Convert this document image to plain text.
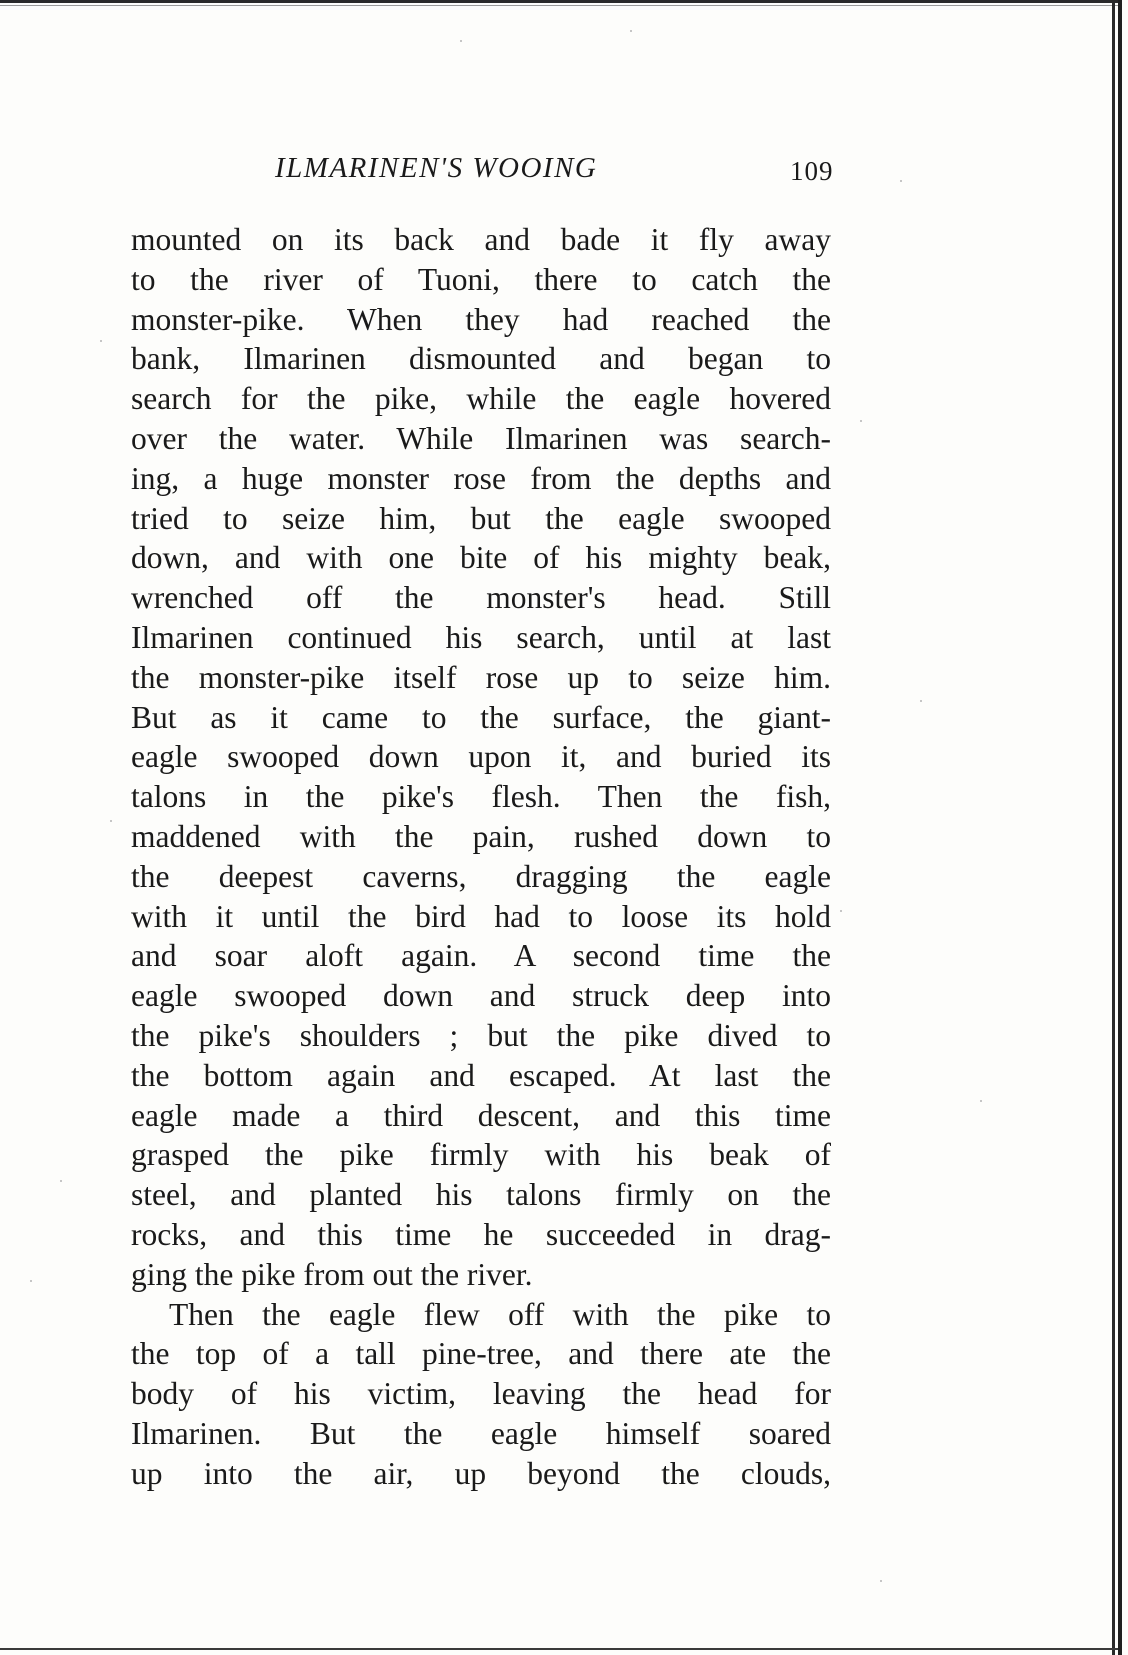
ILMARINEN'S WOOING	109
mounted on its back and bade it fly away
to the river of Tuoni, there to catch the
monster-pike. When they had reached the
bank, Ilmarinen dismounted and began to
search for the pike, while the eagle hovered
over the water. While Ilmarinen was search-
ing, a huge monster rose from the depths and
tried to seize him, but the eagle swooped
down, and with one bite of his mighty beak,
wrenched off the monster's head. Still
Ilmarinen continued his search, until at last
the monster-pike itself rose up to seize him.
But as it came to the surface, the giant-
eagle swooped down upon it, and buried its
talons in the pike's flesh. Then the fish,
maddened with the pain, rushed down to
the deepest caverns, dragging the eagle
with it until the bird had to loose its hold
and soar aloft again. A second time the
eagle swooped down and struck deep into
the pike's shoulders ; but the pike dived to
the bottom again and escaped. At last the
eagle made a third descent, and this time
grasped the pike firmly with his beak of
steel, and planted his talons firmly on the
rocks, and this time he succeeded in drag-
ging the pike from out the river.
Then the eagle flew off with the pike to
the top of a tall pine-tree, and there ate the
body of his victim, leaving the head for
Ilmarinen. But the eagle himself soared
up into the air, up beyond the clouds,
